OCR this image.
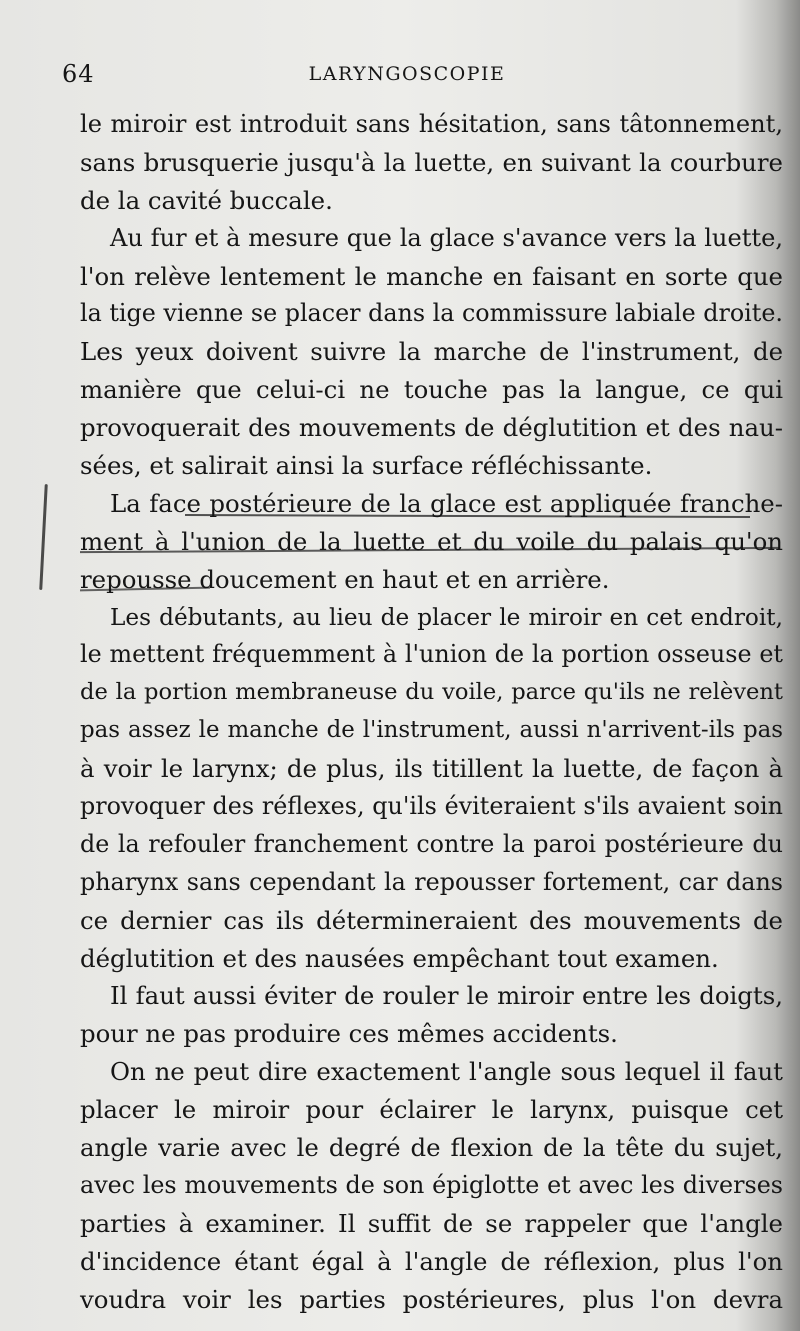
64	LARYNGOSCOPIE
le miroir est introduit sans hésitation, sans tâtonnement,
sans brusquerie jusqu'à la luette, en suivant la courbure
de la cavité buccale.
Au fur et à mesure que la glace s'avance vers la luette,
l'on relève lentement le manche en faisant en sorte que
la tige vienne se placer dans la commissure labiale droite.
Les yeux doivent suivre la marche de l'instrument, de
manière que celui-ci ne touche pas la langue, ce qui
provoquerait des mouvements de déglutition et des nau-
sées, et salirait ainsi la surface réfléchissante.
La face postérieure de la glace est appliquée franche-
ment à l'union de la luette et du voile du palais qu'on
repousse doucement en haut et en arrière.
Les débutants, au lieu de placer le miroir en cet endroit,
le mettent fréquemment à l'union de la portion osseuse et
de la portion membraneuse du voile, parce qu'ils ne relèvent
pas assez le manche de l'instrument, aussi n'arrivent-ils pas
à voir le larynx; de plus, ils titillent la luette, de façon à
provoquer des réflexes, qu'ils éviteraient s'ils avaient soin
de la refouler franchement contre la paroi postérieure du
pharynx sans cependant la repousser fortement, car dans
ce dernier cas ils détermineraient des mouvements de
déglutition et des nausées empêchant tout examen.
Il faut aussi éviter de rouler le miroir entre les doigts,
pour ne pas produire ces mêmes accidents.
On ne peut dire exactement l'angle sous lequel il faut
placer le miroir pour éclairer le larynx, puisque cet
angle varie avec le degré de flexion de la tête du sujet,
avec les mouvements de son épiglotte et avec les diverses
parties à examiner. Il suffit de se rappeler que l'angle
d'incidence étant égal à l'angle de réflexion, plus l'on
voudra voir les parties postérieures, plus l'on devra
